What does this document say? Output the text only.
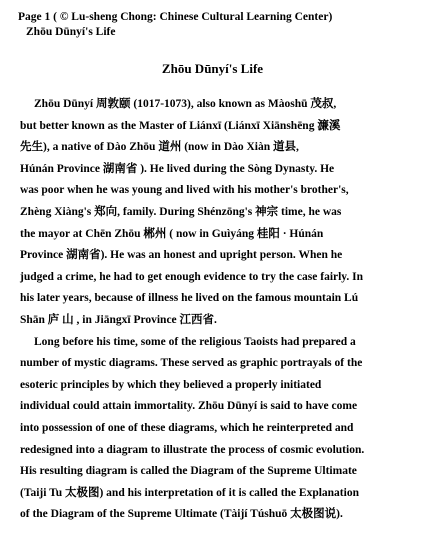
Page 1 ( © Lu-sheng Chong: Chinese Cultural Learning Center)
Zhōu Dūnyí's Life
Zhōu Dūnyí's Life
Zhōu Dūnyí 周敦颐 (1017-1073), also known as Màoshū 茂叔,
but better known as the Master of Liánxī (Liánxī Xiānshēng 濂溪
先生), a native of Dào Zhōu 道州 (now in Dào Xiàn 道县,
Húnán Province 湖南省 ). He lived during the Sòng Dynasty. He
was poor when he was young and lived with his mother's brother's,
Zhèng Xiàng's 郑向, family. During Shénzōng's 神宗 time, he was
the mayor at Chēn Zhōu 郴州 ( now in Guìyáng 桂阳 · Húnán
Province 湖南省). He was an honest and upright person. When he
judged a crime, he had to get enough evidence to try the case fairly. In
his later years, because of illness he lived on the famous mountain Lú
Shān 庐 山 , in Jiāngxī Province 江西省.
Long before his time, some of the religious Taoists had prepared a
number of mystic diagrams. These served as graphic portrayals of the
esoteric principles by which they believed a properly initiated
individual could attain immortality. Zhōu Dūnyí is said to have come
into possession of one of these diagrams, which he reinterpreted and
redesigned into a diagram to illustrate the process of cosmic evolution.
His resulting diagram is called the Diagram of the Supreme Ultimate
(Taiji Tu 太极图) and his interpretation of it is called the Explanation
of the Diagram of the Supreme Ultimate (Tàijí Túshuō 太极图说).
